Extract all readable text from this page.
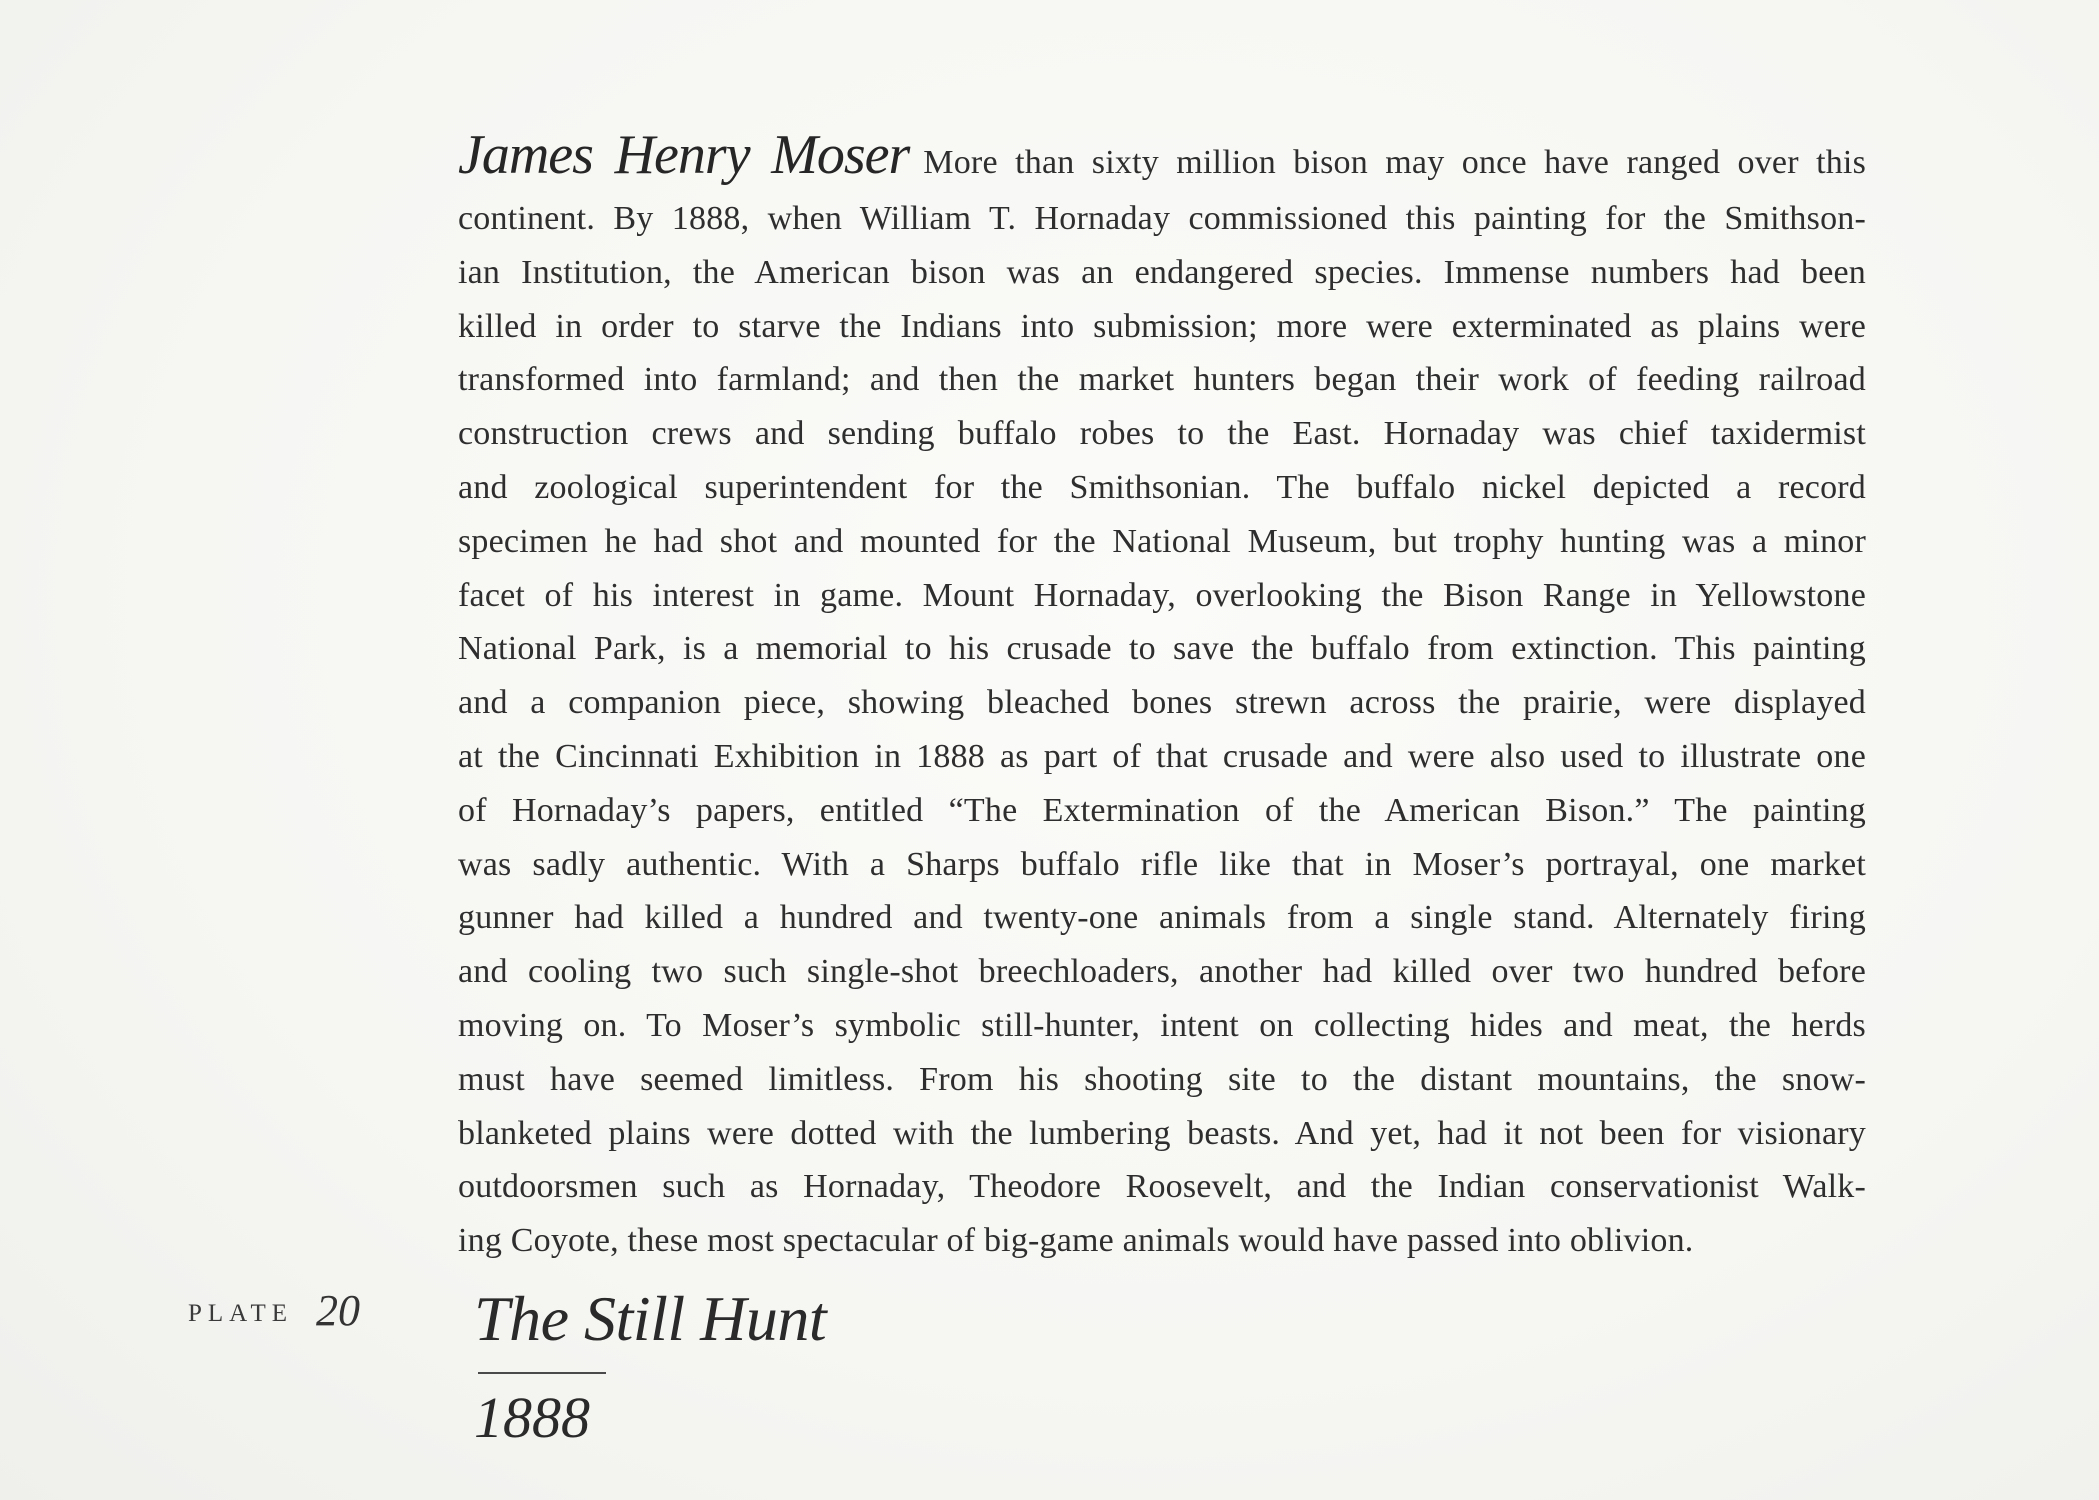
James Henry Moser More than sixty million bison may once have ranged over this
continent. By 1888, when William T. Hornaday commissioned this painting for the Smithson-
ian Institution, the American bison was an endangered species. Immense numbers had been
killed in order to starve the Indians into submission; more were exterminated as plains were
transformed into farmland; and then the market hunters began their work of feeding railroad
construction crews and sending buffalo robes to the East. Hornaday was chief taxidermist
and zoological superintendent for the Smithsonian. The buffalo nickel depicted a record
specimen he had shot and mounted for the National Museum, but trophy hunting was a minor
facet of his interest in game. Mount Hornaday, overlooking the Bison Range in Yellowstone
National Park, is a memorial to his crusade to save the buffalo from extinction. This painting
and a companion piece, showing bleached bones strewn across the prairie, were displayed
at the Cincinnati Exhibition in 1888 as part of that crusade and were also used to illustrate one
of Hornaday’s papers, entitled “The Extermination of the American Bison.” The painting
was sadly authentic. With a Sharps buffalo rifle like that in Moser’s portrayal, one market
gunner had killed a hundred and twenty-one animals from a single stand. Alternately firing
and cooling two such single-shot breechloaders, another had killed over two hundred before
moving on. To Moser’s symbolic still-hunter, intent on collecting hides and meat, the herds
must have seemed limitless. From his shooting site to the distant mountains, the snow-
blanketed plains were dotted with the lumbering beasts. And yet, had it not been for visionary
outdoorsmen such as Hornaday, Theodore Roosevelt, and the Indian conservationist Walk-
ing Coyote, these most spectacular of big-game animals would have passed into oblivion.
PLATE 20 The Still Hunt
1888
